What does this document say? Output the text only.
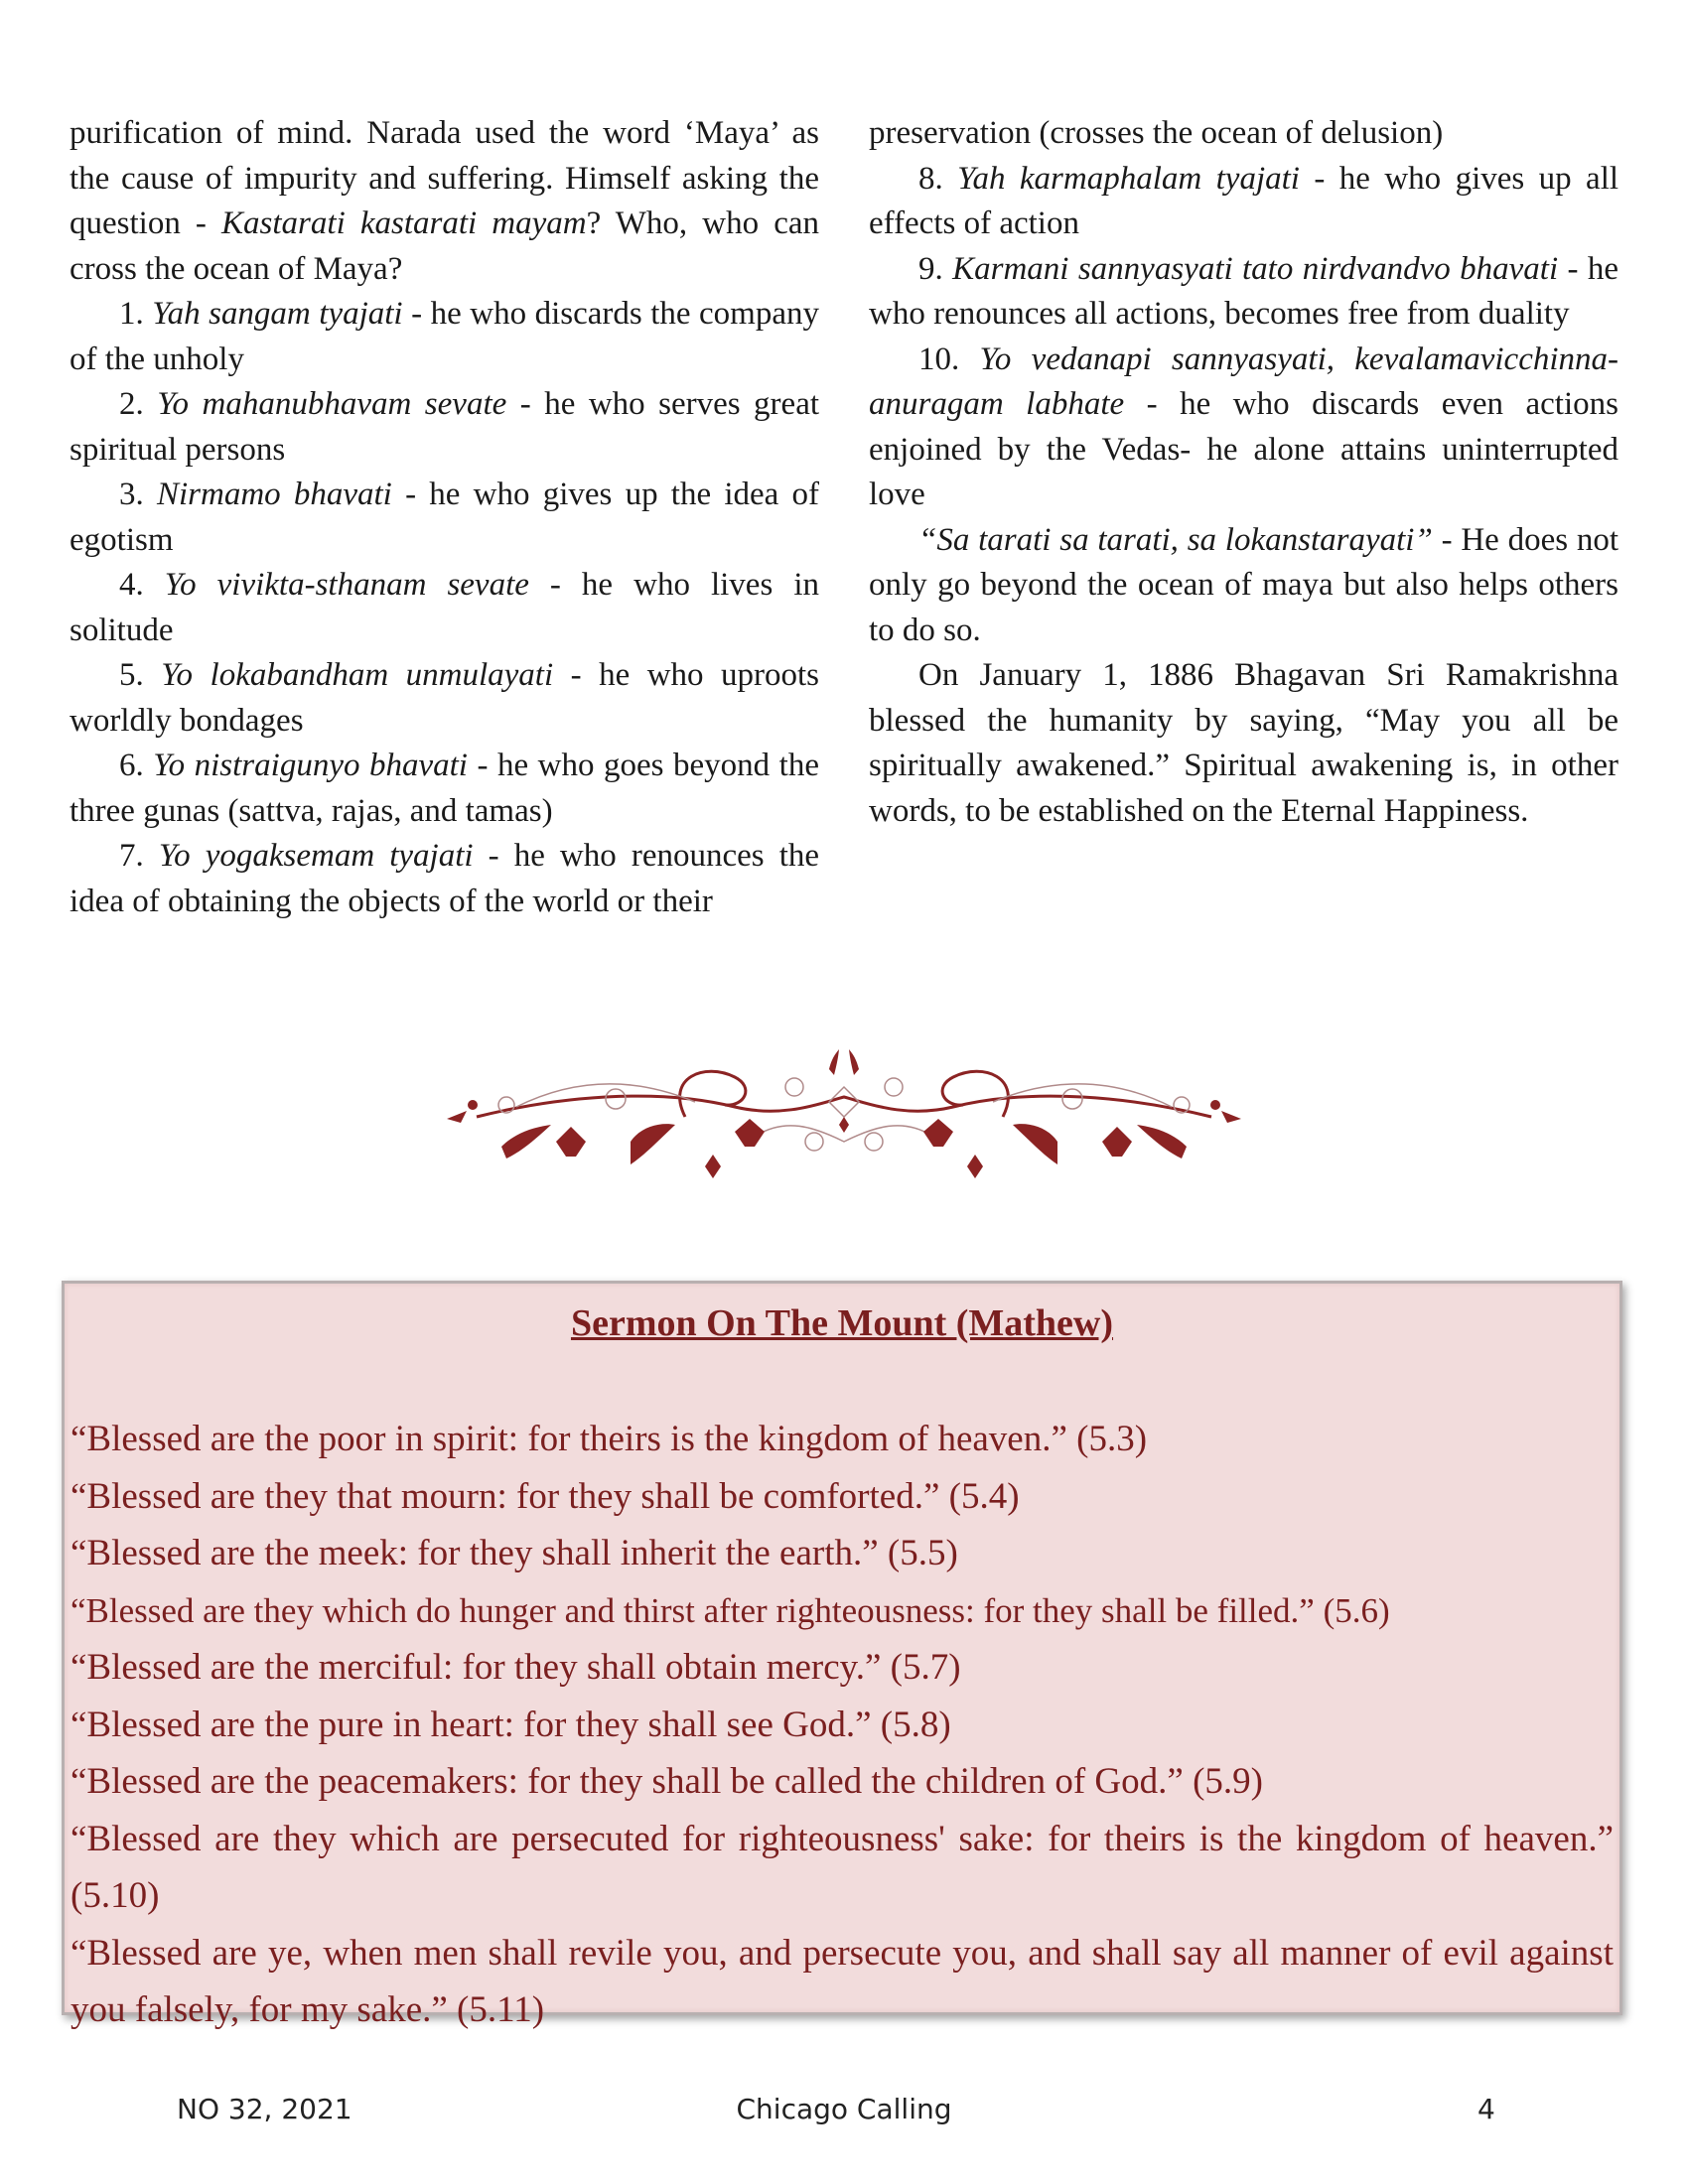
purification of mind. Narada used the word ‘Maya’ as the cause of impurity and suffering. Himself asking the question - Kastarati kastarati mayam? Who, who can cross the ocean of Maya?

1. Yah sangam tyajati - he who discards the company of the unholy

2. Yo mahanubhavam sevate - he who serves great spiritual persons

3. Nirmamo bhavati - he who gives up the idea of egotism

4. Yo vivikta-sthanam sevate - he who lives in solitude

5. Yo lokabandham unmulayati - he who uproots worldly bondages

6. Yo nistraigunyo bhavati - he who goes beyond the three gunas (sattva, rajas, and tamas)

7. Yo yogaksemam tyajati - he who renounces the idea of obtaining the objects of the world or their

preservation (crosses the ocean of delusion)

8. Yah karmaphalam tyajati - he who gives up all effects of action

9. Karmani sannyasyati tato nirdvandvo bhavati - he who renounces all actions, becomes free from duality

10. Yo vedanapi sannyasyati, kevalamavicchinna-anuragam labhate - he who discards even actions enjoined by the Vedas- he alone attains uninterrupted love

“Sa tarati sa tarati, sa lokanstarayati” - He does not only go beyond the ocean of maya but also helps others to do so.

On January 1, 1886 Bhagavan Sri Ramakrishna blessed the humanity by saying, “May you all be spiritually awakened.” Spiritual awakening is, in other words, to be established on the Eternal Happiness.

Sermon On The Mount (Mathew)

“Blessed are the poor in spirit: for theirs is the kingdom of heaven.” (5.3)

“Blessed are they that mourn: for they shall be comforted.” (5.4)

“Blessed are the meek: for they shall inherit the earth.” (5.5)

“Blessed are they which do hunger and thirst after righteousness: for they shall be filled.” (5.6)

“Blessed are the merciful: for they shall obtain mercy.” (5.7)

“Blessed are the pure in heart: for they shall see God.” (5.8)

“Blessed are the peacemakers: for they shall be called the children of God.” (5.9)

“Blessed are they which are persecuted for righteousness' sake: for theirs is the kingdom of heaven.” (5.10)

“Blessed are ye, when men shall revile you, and persecute you, and shall say all manner of evil against you falsely, for my sake.” (5.11)

NO 32, 2021	Chicago Calling	4
